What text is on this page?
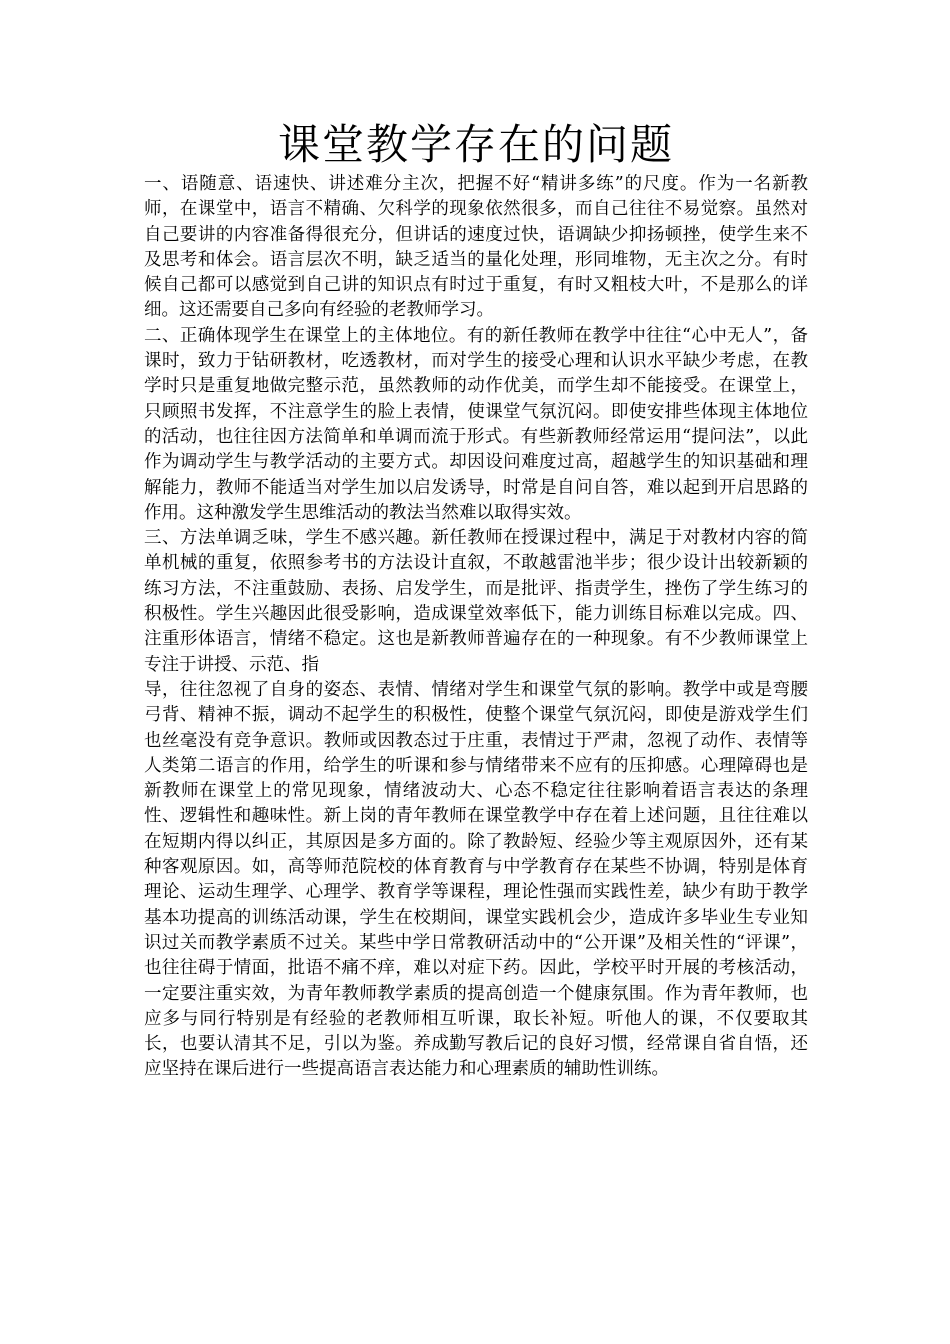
课堂教学存在的问题

一、语随意、语速快、讲述难分主次，把握不好“精讲多练”的尺度。作为一名新教师，在课堂中，语言不精确、欠科学的现象依然很多，而自己往往不易觉察。虽然对自己要讲的内容准备得很充分，但讲话的速度过快，语调缺少抑扬顿挫，使学生来不及思考和体会。语言层次不明，缺乏适当的量化处理，形同堆物，无主次之分。有时候自己都可以感觉到自己讲的知识点有时过于重复，有时又粗枝大叶，不是那么的详细。这还需要自己多向有经验的老教师学习。

二、正确体现学生在课堂上的主体地位。有的新任教师在教学中往往“心中无人”，备课时，致力于钻研教材，吃透教材，而对学生的接受心理和认识水平缺少考虑，在教学时只是重复地做完整示范，虽然教师的动作优美，而学生却不能接受。在课堂上，只顾照书发挥，不注意学生的脸上表情，使课堂气氛沉闷。即使安排些体现主体地位的活动，也往往因方法简单和单调而流于形式。有些新教师经常运用“提问法”，以此作为调动学生与教学活动的主要方式。却因设问难度过高，超越学生的知识基础和理解能力，教师不能适当对学生加以启发诱导，时常是自问自答，难以起到开启思路的作用。这种激发学生思维活动的教法当然难以取得实效。

三、方法单调乏味，学生不感兴趣。新任教师在授课过程中，满足于对教材内容的简单机械的重复，依照参考书的方法设计直叙，不敢越雷池半步；很少设计出较新颖的练习方法，不注重鼓励、表扬、启发学生，而是批评、指责学生，挫伤了学生练习的积极性。学生兴趣因此很受影响，造成课堂效率低下，能力训练目标难以完成。四、注重形体语言，情绪不稳定。这也是新教师普遍存在的一种现象。有不少教师课堂上专注于讲授、示范、指

导，往往忽视了自身的姿态、表情、情绪对学生和课堂气氛的影响。教学中或是弯腰弓背、精神不振，调动不起学生的积极性，使整个课堂气氛沉闷，即使是游戏学生们也丝毫没有竞争意识。教师或因教态过于庄重，表情过于严肃，忽视了动作、表情等人类第二语言的作用，给学生的听课和参与情绪带来不应有的压抑感。心理障碍也是新教师在课堂上的常见现象，情绪波动大、心态不稳定往往影响着语言表达的条理性、逻辑性和趣味性。新上岗的青年教师在课堂教学中存在着上述问题，且往往难以在短期内得以纠正，其原因是多方面的。除了教龄短、经验少等主观原因外，还有某种客观原因。如，高等师范院校的体育教育与中学教育存在某些不协调，特别是体育理论、运动生理学、心理学、教育学等课程，理论性强而实践性差，缺少有助于教学基本功提高的训练活动课，学生在校期间，课堂实践机会少，造成许多毕业生专业知识过关而教学素质不过关。某些中学日常教研活动中的“公开课”及相关性的“评课”，也往往碍于情面，批语不痛不痒，难以对症下药。因此，学校平时开展的考核活动，一定要注重实效，为青年教师教学素质的提高创造一个健康氛围。作为青年教师，也应多与同行特别是有经验的老教师相互听课，取长补短。听他人的课，不仅要取其长，也要认清其不足，引以为鉴。养成勤写教后记的良好习惯，经常课自省自悟，还应坚持在课后进行一些提高语言表达能力和心理素质的辅助性训练。
